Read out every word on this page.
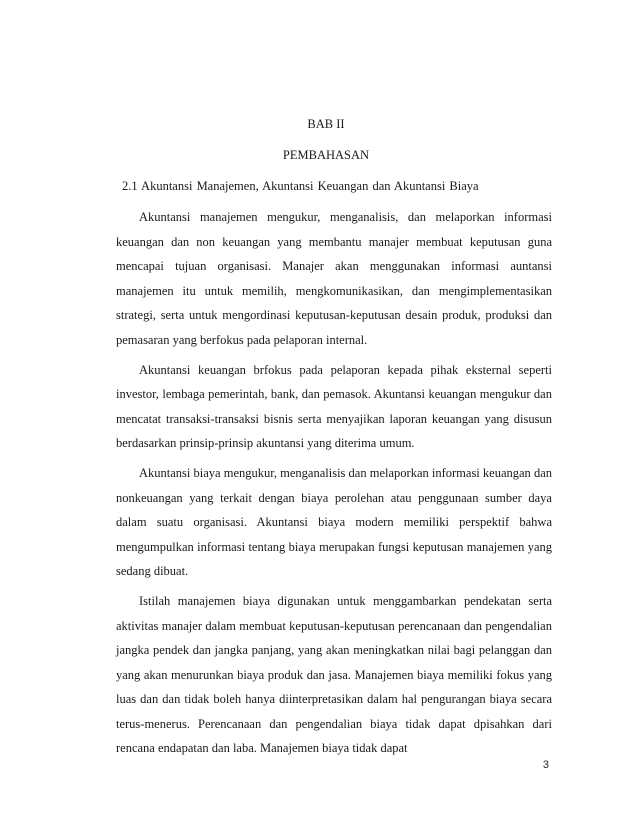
BAB II
PEMBAHASAN
2.1 Akuntansi Manajemen, Akuntansi Keuangan dan Akuntansi Biaya

Akuntansi manajemen mengukur, menganalisis, dan melaporkan informasi keuangan dan non keuangan yang membantu manajer membuat keputusan guna mencapai tujuan organisasi. Manajer akan menggunakan informasi auntansi manajemen itu untuk memilih, mengkomunikasikan, dan mengimplementasikan strategi, serta untuk mengordinasi keputusan-keputusan desain produk, produksi dan pemasaran yang berfokus pada pelaporan internal.

Akuntansi keuangan brfokus pada pelaporan kepada pihak eksternal seperti investor, lembaga pemerintah, bank, dan pemasok. Akuntansi keuangan mengukur dan mencatat transaksi-transaksi bisnis serta menyajikan laporan keuangan yang disusun berdasarkan prinsip-prinsip akuntansi yang diterima umum.

Akuntansi biaya mengukur, menganalisis dan melaporkan informasi keuangan dan nonkeuangan yang terkait dengan biaya perolehan atau penggunaan sumber daya dalam suatu organisasi. Akuntansi biaya modern memiliki perspektif bahwa mengumpulkan informasi tentang biaya merupakan fungsi keputusan manajemen yang sedang dibuat.

Istilah manajemen biaya digunakan untuk menggambarkan pendekatan serta aktivitas manajer dalam membuat keputusan-keputusan perencanaan dan pengendalian jangka pendek dan jangka panjang, yang akan meningkatkan nilai bagi pelanggan dan yang akan menurunkan biaya produk dan jasa. Manajemen biaya memiliki fokus yang luas dan dan tidak boleh hanya diinterpretasikan dalam hal pengurangan biaya secara terus-menerus. Perencanaan dan pengendalian biaya tidak dapat dpisahkan dari rencana endapatan dan laba. Manajemen biaya tidak dapat

3
